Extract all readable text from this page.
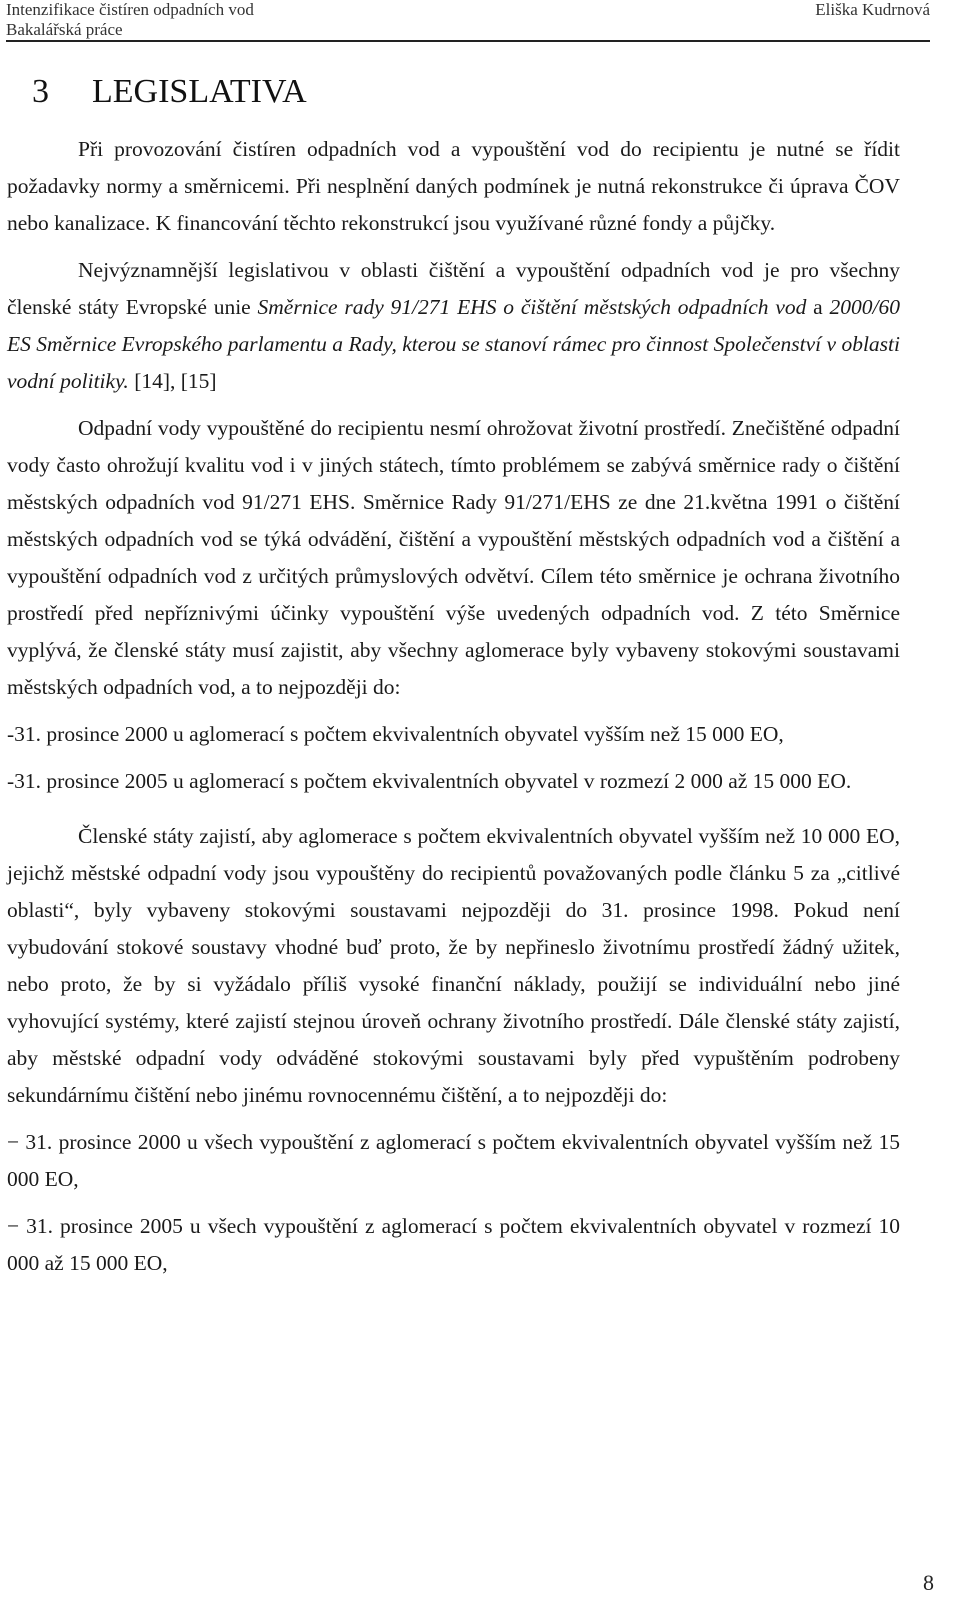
Intenzifikace čistíren odpadních vod
Bakalářská práce
Eliška Kudrnová
3 LEGISLATIVA

Při provozování čistíren odpadních vod a vypouštění vod do recipientu je nutné se řídit požadavky normy a směrnicemi. Při nesplnění daných podmínek je nutná rekonstrukce či úprava ČOV nebo kanalizace. K financování těchto rekonstrukcí jsou využívané různé fondy a půjčky.

Nejvýznamnější legislativou v oblasti čištění a vypouštění odpadních vod je pro všechny členské státy Evropské unie Směrnice rady 91/271 EHS o čištění městských odpadních vod a 2000/60 ES Směrnice Evropského parlamentu a Rady, kterou se stanoví rámec pro činnost Společenství v oblasti vodní politiky. [14], [15]

Odpadní vody vypouštěné do recipientu nesmí ohrožovat životní prostředí. Znečištěné odpadní vody často ohrožují kvalitu vod i v jiných státech, tímto problémem se zabývá směrnice rady o čištění městských odpadních vod 91/271 EHS. Směrnice Rady 91/271/EHS ze dne 21.května 1991 o čištění městských odpadních vod se týká odvádění, čištění a vypouštění městských odpadních vod a čištění a vypouštění odpadních vod z určitých průmyslových odvětví. Cílem této směrnice je ochrana životního prostředí před nepříznivými účinky vypouštění výše uvedených odpadních vod. Z této Směrnice vyplývá, že členské státy musí zajistit, aby všechny aglomerace byly vybaveny stokovými soustavami městských odpadních vod, a to nejpozději do:

-31. prosince 2000 u aglomerací s počtem ekvivalentních obyvatel vyšším než 15 000 EO,

-31. prosince 2005 u aglomerací s počtem ekvivalentních obyvatel v rozmezí 2 000 až 15 000 EO.

Členské státy zajistí, aby aglomerace s počtem ekvivalentních obyvatel vyšším než 10 000 EO, jejichž městské odpadní vody jsou vypouštěny do recipientů považovaných podle článku 5 za „citlivé oblasti“, byly vybaveny stokovými soustavami nejpozději do 31. prosince 1998. Pokud není vybudování stokové soustavy vhodné buď proto, že by nepřineslo životnímu prostředí žádný užitek, nebo proto, že by si vyžádalo příliš vysoké finanční náklady, použijí se individuální nebo jiné vyhovující systémy, které zajistí stejnou úroveň ochrany životního prostředí. Dále členské státy zajistí, aby městské odpadní vody odváděné stokovými soustavami byly před vypuštěním podrobeny sekundárnímu čištění nebo jinému rovnocennému čištění, a to nejpozději do:

− 31. prosince 2000 u všech vypouštění z aglomerací s počtem ekvivalentních obyvatel vyšším než 15 000 EO,

− 31. prosince 2005 u všech vypouštění z aglomerací s počtem ekvivalentních obyvatel v rozmezí 10 000 až 15 000 EO,

8
